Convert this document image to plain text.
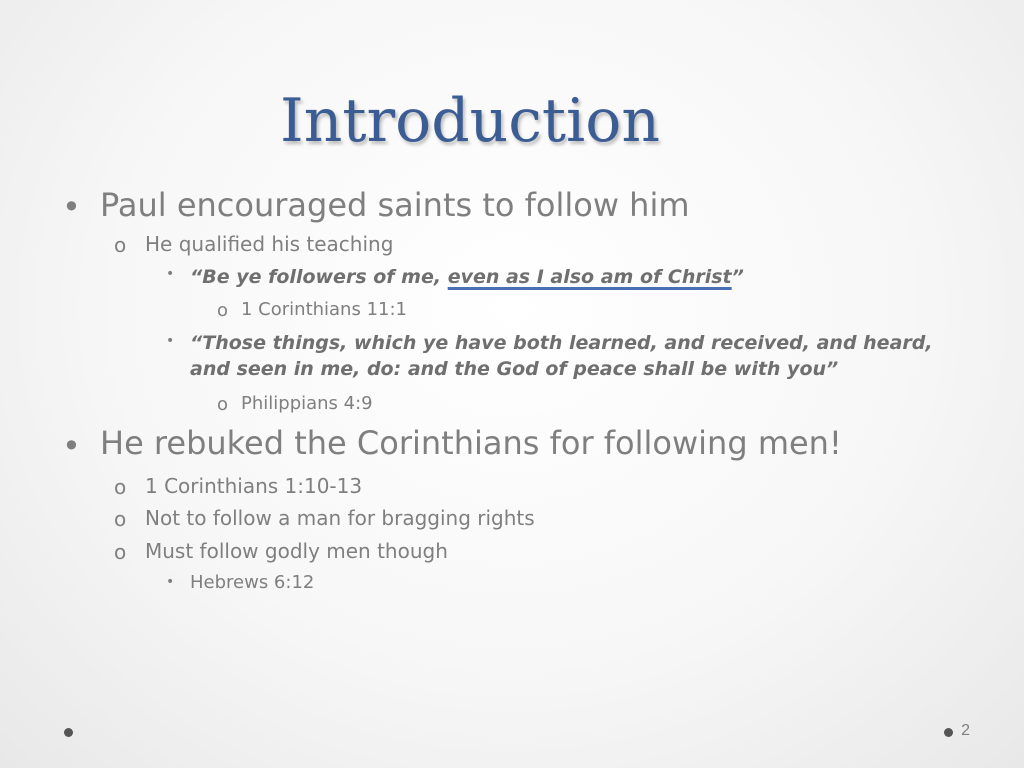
Introduction
• Paul encouraged saints to follow him
o He qualified his teaching
• “Be ye followers of me, even as I also am of Christ”
o 1 Corinthians 11:1
• “Those things, which ye have both learned, and received, and heard,
and seen in me, do: and the God of peace shall be with you”
o Philippians 4:9
• He rebuked the Corinthians for following men!
o 1 Corinthians 1:10-13
o Not to follow a man for bragging rights
o Must follow godly men though
• Hebrews 6:12
2
